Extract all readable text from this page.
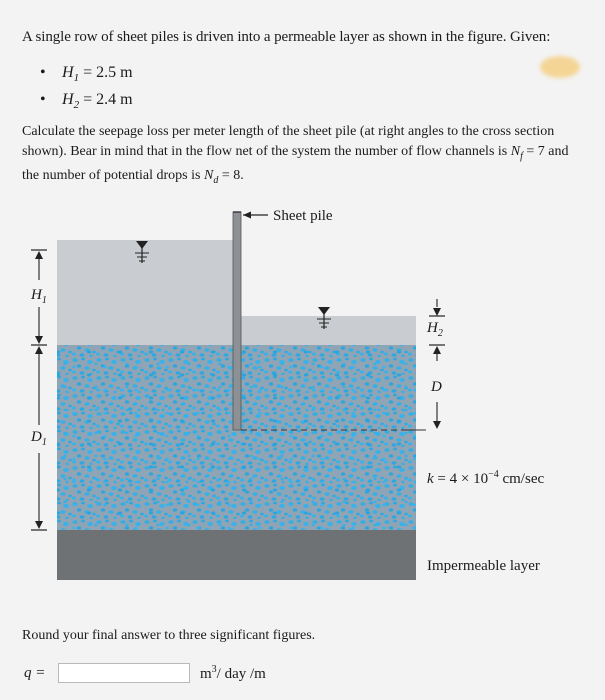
A single row of sheet piles is driven into a permeable layer as shown in the figure. Given:
• $H_1 = 2.5$ m
• $H_2 = 2.4$ m
Calculate the seepage loss per meter length of the sheet pile (at right angles to the cross section shown). Bear in mind that in the flow net of the system the number of flow channels is $N_f = 7$ and the number of potential drops is $N_d = 8$.
Sheet pile
$H_1$
$D_1$
$H_2$
D
$k = 4 \times 10^{-4}$ cm/sec
Impermeable layer
Round your final answer to three significant figures.
q =	$m^3/$ day /m
